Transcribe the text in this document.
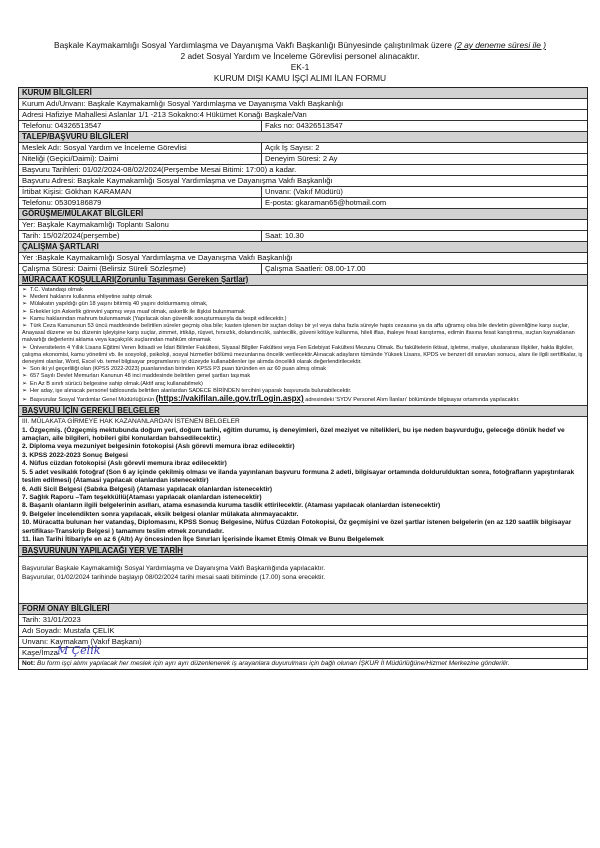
Başkale Kaymakamlığı Sosyal Yardımlaşma ve Dayanışma Vakfı Başkanlığı Bünyesinde çalıştırılmak üzere (2 ay deneme süresi ile )
2 adet Sosyal Yardım ve İnceleme Görevlisi personel alınacaktır.
EK-1
KURUM DIŞI KAMU İŞÇİ ALIMI İLAN FORMU
KURUM BİLGİLERİ
Kurum Adı/Unvanı: Başkale Kaymakamlığı Sosyal Yardımlaşma ve Dayanışma Vakfı Başkanlığı
Adresi Hafiziye Mahallesi Aslanlar 1/1 -213 Sokakno:4 Hükümet Konağı Başkale/Van
Telefonu: 04326513547	Faks no: 04326513547
TALEP/BAŞVURU BİLGİLERİ
Meslek Adı: Sosyal Yardım ve İnceleme Görevlisi	Açık İş Sayısı: 2
Niteliği (Geçici/Daimi): Daimi	Deneyim Süresi: 2 Ay
Başvuru Tarihleri: 01/02/2024-08/02/2024(Perşembe Mesai Bitimi: 17:00) a kadar.
Başvuru Adresi: Başkale Kaymakamlığı Sosyal Yardımlaşma ve Dayanışma Vakfı Başkanlığı
İrtibat Kişisi: Gökhan KARAMAN	Unvanı: (Vakıf Müdürü)
Telefonu: 05309186879	E-posta: gkaraman65@hotmail.com
GÖRÜŞME/MÜLAKAT BİLGİLERİ
Yer: Başkale Kaymakamlığı Toplantı Salonu
Tarih: 15/02/2024(perşembe)	Saat: 10.30
ÇALIŞMA ŞARTLARI
Yer :Başkale Kaymakamlığı Sosyal Yardımlaşma ve Dayanışma Vakfı Başkanlığı
Çalışma Süresi: Daimi (Belirsiz Süreli Sözleşme)	Çalışma Saatleri: 08.00-17.00
MÜRACAAT KOŞULLARI(Zorunlu Taşınması Gereken Şartlar)
➢ T.C. Vatandaşı olmak
➢ Medeni haklarını kullanma ehliyetine sahip olmak
➢ Mülakatın yapıldığı gün 18 yaşını bitirmiş 40 yaşını doldurmamış olmak,
➢ Erkekler için Askerlik görevini yapmış veya muaf olmak, askerlik ile ilişkisi bulunmamak
➢ Kamu haklarından mahrum bulunmamak (Yapılacak olan güvenlik soruşturmasıyla da tespit edilecektir.)
➢ Türk Ceza Kanununun 53 üncü maddesinde belirtilen süreler geçmiş olsa bile; kasten işlenen bir suçtan dolayı bir yıl veya daha fazla süreyle hapis cezasına ya da affa uğramış olsa bile devletin güvenliğine karşı suçlar, Anayasal düzene ve bu düzenin işleyişine karşı suçlar, zimmet, irtikâp, rüşvet, hırsızlık, dolandırıcılık, sahtecilik, güveni kötüye kullanma, hileli iflas, ihaleye fesat karıştırma, edimin ifasına fesat karıştırma, suçtan kaynaklanan malvarlığı değerlerini aklama veya kaçakçılık suçlarından mahkûm olmamak
➢ Üniversitelerin 4 Yıllık Lisans Eğitimi Veren İktisadi ve İdari Bilimler Fakültesi, Siyasal Bilgiler Fakültesi veya Fen Edebiyat Fakültesi Mezunu Olmak. Bu fakültelerin iktisat, işletme, maliye, uluslararası ilişkiler, hakla ilişkiler, çalışma ekonomisi, kamu yönetimi vb. ile sosyoloji, psikoloji, sosyal hizmetler bölümü mezunlarına öncelik verilecektir.Alınacak adayların tümünde Yüksek Lisans, KPDS ve benzeri dil sınavları sonucu, alanı ile ilgili sertifikalar, iş deneyimi olanlar, Word, Excel vb. temel bilgisayar programlarını iyi düzeyde kullanabilenler işe alımda öncelikli olarak değerlendirilecektir.
➢ Son iki yıl geçerliliği olan (KPSS 2022-2023) puanlarından birinden KPSS P3 puan türünden en az 60 puan almış olmak
➢ 657 Sayılı Devlet Memurları Kanunun 48 inci maddesinde belirtilen genel şartları taşımak
➢ En Az B sınıfı sürücü belgesine sahip olmak.(Aktif araç kullanabilmek)
➢ Her aday, işe alınacak personel tablosunda belirtilen alanlardan SADECE BİRİNDEN tercihini yaparak başvuruda bulunabilecektir.
➢ Başvurular Sosyal Yardımlar Genel Müdürlüğünün (https://vakifilan.aile.gov.tr/Login.aspx) adresindeki 'SYDV Personel Alım İlanları' bölümünde bilgisayar ortamında yapılacaktır.
BAŞVURU İÇİN GEREKLİ BELGELER
III. MÜLAKATA GİRMEYE HAK KAZANANLARDAN İSTENEN BELGELER
1. Özgeçmiş. (Özgeçmiş mektubunda doğum yeri, doğum tarihi, eğitim durumu, iş deneyimleri, özel meziyet ve nitelikleri, bu işe neden başvurduğu, geleceğe dönük hedef ve amaçları, aile bilgileri, hobileri gibi konulardan bahsedilecektir.)
2. Diploma veya mezuniyet belgesinin fotokopisi (Aslı görevli memura ibraz edilecektir)
3. KPSS 2022-2023 Sonuç Belgesi
4. Nüfus cüzdan fotokopisi (Aslı görevli memura ibraz edilecektir)
5. 5 adet vesikalık fotoğraf (Son 6 ay içinde çekilmiş olması ve ilanda yayınlanan başvuru formuna 2 adeti, bilgisayar ortamında doldurulduktan sonra, fotoğrafların yapıştırılarak teslim edilmesi) (Atamasi yapılacak olanlardan istenecektir)
6. Adli Sicil Belgesi (Sabıka Belgesi) (Ataması yapılacak olanlardan istenecektir)
7. Sağlık Raporu –Tam teşekküllü(Ataması yapılacak olanlardan istenecektir)
8. Başarılı olanların ilgili belgelerinin asılları, atama esnasında kuruma tasdik ettirilecektir. (Ataması yapılacak olanlardan istenecektir)
9. Belgeler incelendikten sonra yapılacak, eksik belgesi olanlar mülakata alınmayacaktır.
10. Müracatta bulunan her vatandaş, Diplomasını, KPSS Sonuç Belgesine, Nüfus Cüzdan Fotokopisi, Öz geçmişini ve özel şartlar istenen belgelerin (en az 120 saatlik bilgisayar sertifikası-Transkrip Belgesi ) tamamını teslim etmek zorundadır.
11. İlan Tarihi İtibariyle en az 6 (Altı) Ay öncesinden İlçe Sınırları İçerisinde İkamet Etmiş Olmak ve Bunu Belgelemek
BAŞVURUNUN YAPILACAĞI YER VE TARİH
Başvurular Başkale Kaymakamlığı Sosyal Yardımlaşma ve Dayanışma Vakfı Başkanlığında yapılacaktır.
Başvurular, 01/02/2024 tarihinde başlayıp 08/02/2024 tarihi mesai saati bitiminde (17.00) sona erecektir.
FORM ONAY BİLGİLERİ
Tarih: 31/01/2023
Adı Soyadı: Mustafa ÇELİK
Unvanı: Kaymakam (Vakıf Başkanı)
Kaşe/İmza:
M Çelik
Not: Bu form işçi alımı yapılacak her meslek için ayrı ayrı düzenlenerek iş arayanlara duyurulması için bağlı olunan İŞKUR İl Müdürlüğüne/Hizmet Merkezine gönderilir.
